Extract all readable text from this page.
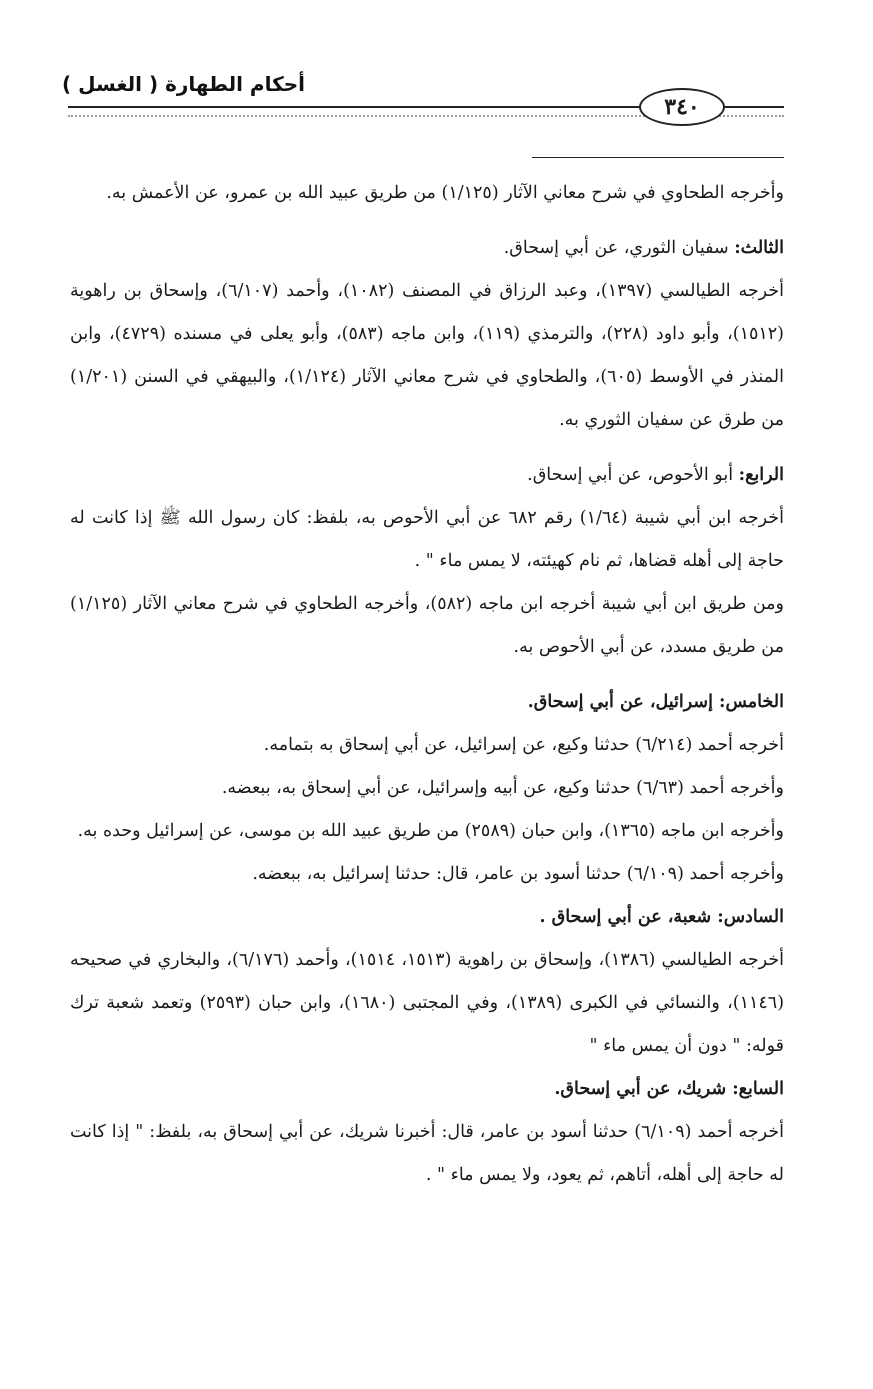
أحكام الطهارة ( الغسل )
٣٤٠

وأخرجه الطحاوي في شرح معاني الآثار (١/١٢٥) من طريق عبيد الله بن عمرو، عن الأعمش به.

الثالث: سفيان الثوري، عن أبي إسحاق.

أخرجه الطيالسي (١٣٩٧)، وعبد الرزاق في المصنف (١٠٨٢)، وأحمد (٦/١٠٧)، وإسحاق بن راهوية (١٥١٢)، وأبو داود (٢٢٨)، والترمذي (١١٩)، وابن ماجه (٥٨٣)، وأبو يعلى في مسنده (٤٧٢٩)، وابن المنذر في الأوسط (٦٠٥)، والطحاوي في شرح معاني الآثار (١/١٢٤)، والبيهقي في السنن (١/٢٠١) من طرق عن سفيان الثوري به.

الرابع: أبو الأحوص، عن أبي إسحاق.

أخرجه ابن أبي شيبة (١/٦٤) رقم ٦٨٢ عن أبي الأحوص به، بلفظ: كان رسول الله ﷺ إذا كانت له حاجة إلى أهله قضاها، ثم نام كهيئته، لا يمس ماء " .

ومن طريق ابن أبي شيبة أخرجه ابن ماجه (٥٨٢)، وأخرجه الطحاوي في شرح معاني الآثار (١/١٢٥) من طريق مسدد، عن أبي الأحوص به.

الخامس: إسرائيل، عن أبي إسحاق.

أخرجه أحمد (٦/٢١٤) حدثنا وكيع، عن إسرائيل، عن أبي إسحاق به بتمامه.

وأخرجه أحمد (٦/٦٣) حدثنا وكيع، عن أبيه وإسرائيل، عن أبي إسحاق به، ببعضه.

وأخرجه ابن ماجه (١٣٦٥)، وابن حبان (٢٥٨٩) من طريق عبيد الله بن موسى، عن إسرائيل وحده به.

وأخرجه أحمد (٦/١٠٩) حدثنا أسود بن عامر، قال: حدثنا إسرائيل به، ببعضه.

السادس: شعبة، عن أبي إسحاق .

أخرجه الطيالسي (١٣٨٦)، وإسحاق بن راهوية (١٥١٣، ١٥١٤)، وأحمد (٦/١٧٦)، والبخاري في صحيحه (١١٤٦)، والنسائي في الكبرى (١٣٨٩)، وفي المجتبى (١٦٨٠)، وابن حبان (٢٥٩٣) وتعمد شعبة ترك قوله: " دون أن يمس ماء "

السابع: شريك، عن أبي إسحاق.

أخرجه أحمد (٦/١٠٩) حدثنا أسود بن عامر، قال: أخبرنا شريك، عن أبي إسحاق به، بلفظ: " إذا كانت له حاجة إلى أهله، أتاهم، ثم يعود، ولا يمس ماء " .
